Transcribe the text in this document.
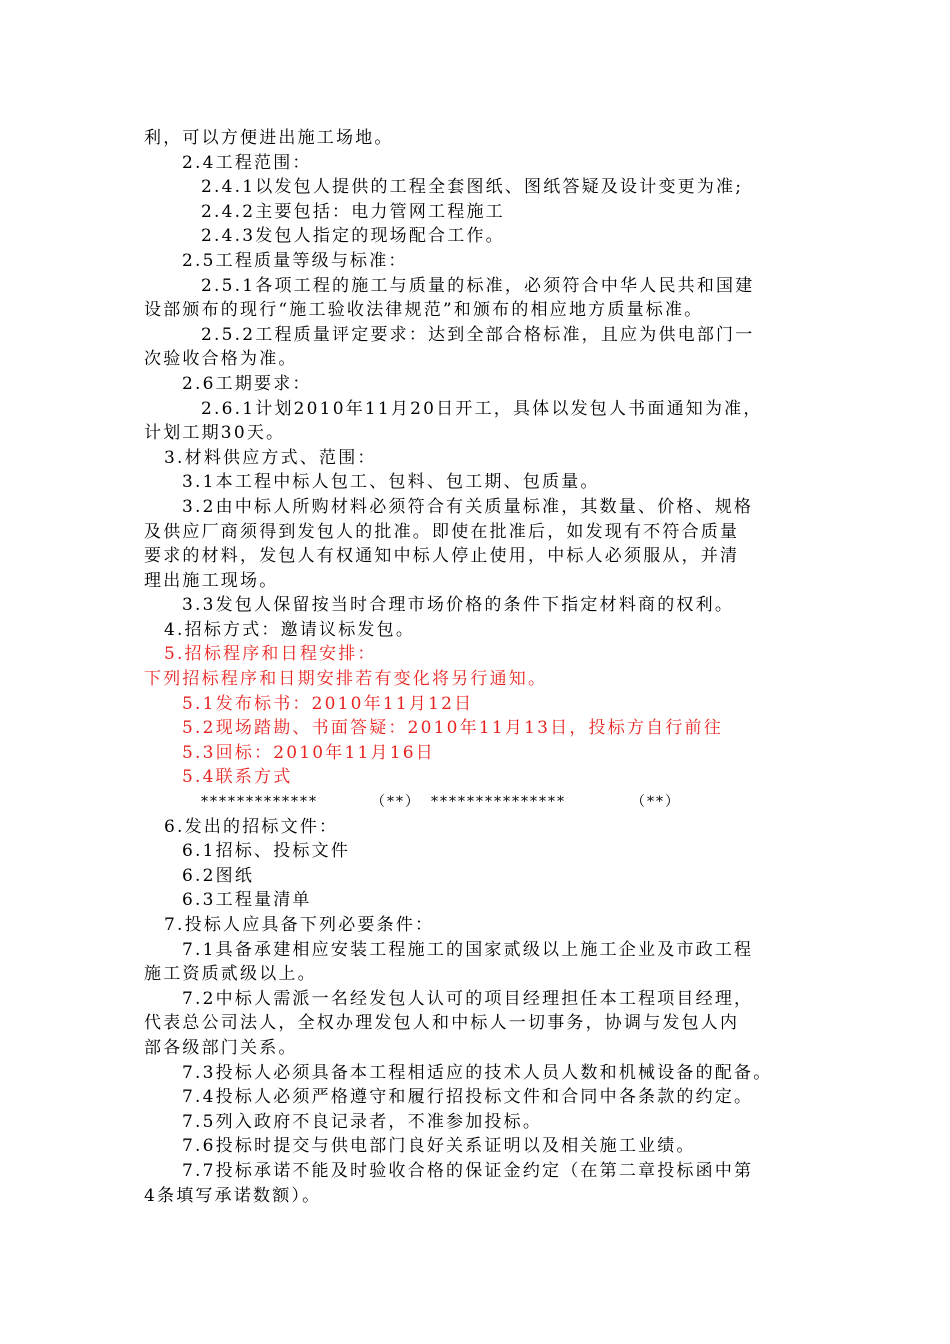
利，可以方便进出施工场地。
2.4工程范围：
2.4.1以发包人提供的工程全套图纸、图纸答疑及设计变更为准;
2.4.2主要包括：电力管网工程施工
2.4.3发包人指定的现场配合工作。
2.5工程质量等级与标准：
2.5.1各项工程的施工与质量的标准，必须符合中华人民共和国建
设部颁布的现行“施工验收法律规范”和颁布的相应地方质量标准。
2.5.2工程质量评定要求：达到全部合格标准，且应为供电部门一
次验收合格为准。
2.6工期要求：
2.6.1计划2010年11月20日开工，具体以发包人书面通知为准，
计划工期30天。
3.材料供应方式、范围：
3.1本工程中标人包工、包料、包工期、包质量。
3.2由中标人所购材料必须符合有关质量标准，其数量、价格、规格
及供应厂商须得到发包人的批准。即使在批准后，如发现有不符合质量
要求的材料，发包人有权通知中标人停止使用，中标人必须服从，并清
理出施工现场。
3.3发包人保留按当时合理市场价格的条件下指定材料商的权利。
4.招标方式：邀请议标发包。
5.招标程序和日程安排：
下列招标程序和日期安排若有变化将另行通知。
5.1发布标书：2010年11月12日
5.2现场踏勘、书面答疑：2010年11月13日，投标方自行前往
5.3回标：2010年11月16日
5.4联系方式
*************	（**） ***************	（**）
6.发出的招标文件：
6.1招标、投标文件
6.2图纸
6.3工程量清单
7.投标人应具备下列必要条件：
7.1具备承建相应安装工程施工的国家贰级以上施工企业及市政工程
施工资质贰级以上。
7.2中标人需派一名经发包人认可的项目经理担任本工程项目经理，
代表总公司法人，全权办理发包人和中标人一切事务，协调与发包人内
部各级部门关系。
7.3投标人必须具备本工程相适应的技术人员人数和机械设备的配备。
7.4投标人必须严格遵守和履行招投标文件和合同中各条款的约定。
7.5列入政府不良记录者，不准参加投标。
7.6投标时提交与供电部门良好关系证明以及相关施工业绩。
7.7投标承诺不能及时验收合格的保证金约定（在第二章投标函中第
4条填写承诺数额）。
